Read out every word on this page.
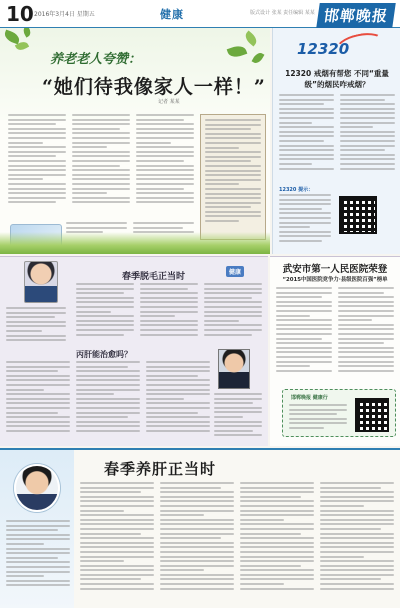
10 2016年3月4日 星期五	健康	版式设计 张某 责任编辑 某某 邯郸晚报
养老老人夸赞：
“她们待我像家人一样！”
记者 某某
12320
12320 戒烟有帮您 不同“重量级”的烟民咋戒烟？
12320 提示：
春季脱毛正当时	健康
丙肝能治愈吗？
武安市第一人民医院荣登
“2015中国医院竞争力·县级医院百强”榜单
邯郸晚报 健康行
春季养肝正当时
